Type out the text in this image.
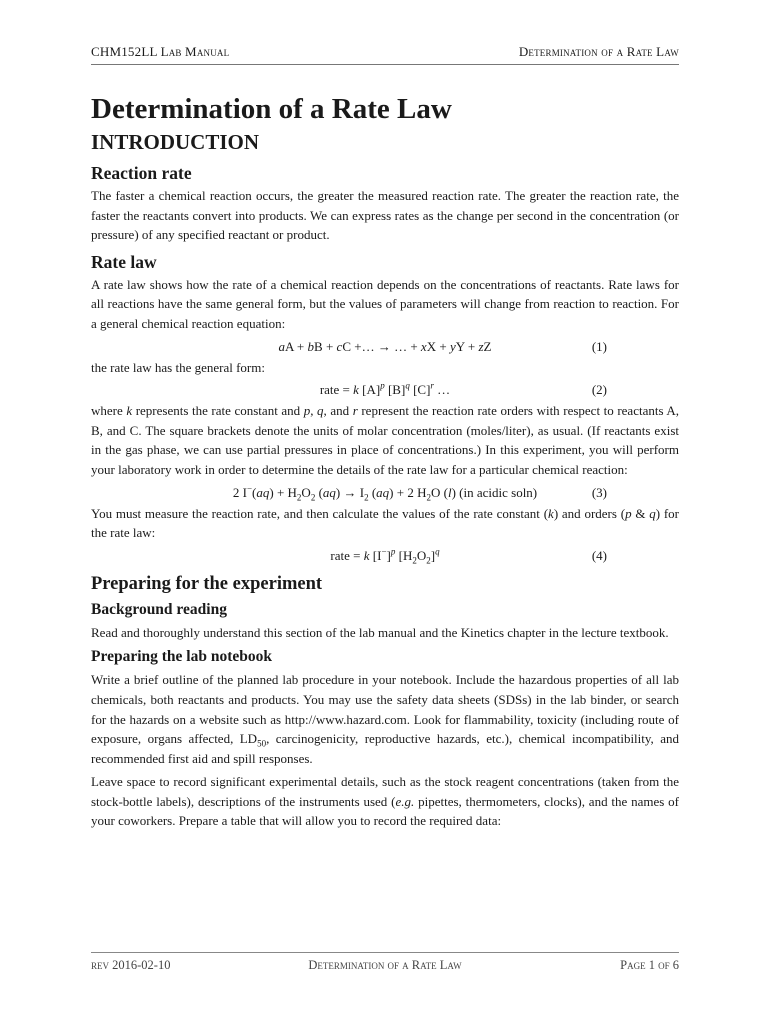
CHM152LL Lab Manual	Determination of a Rate Law
Determination of a Rate Law
INTRODUCTION
Reaction rate

The faster a chemical reaction occurs, the greater the measured reaction rate. The greater the reaction rate, the faster the reactants convert into products. We can express rates as the change per second in the concentration (or pressure) of any specified reactant or product.

Rate law

A rate law shows how the rate of a chemical reaction depends on the concentrations of reactants. Rate laws for all reactions have the same general form, but the values of parameters will change from reaction to reaction. For a general chemical reaction equation:

aA + bB + cC +… → … + xX + yY + zZ	(1)

the rate law has the general form:

rate = k $[A]^p$ $[B]^q$ $[C]^r$ …	(2)

where k represents the rate constant and p, q, and r represent the reaction rate orders with respect to reactants A, B, and C. The square brackets denote the units of molar concentration (moles/liter), as usual. (If reactants exist in the gas phase, we can use partial pressures in place of concentrations.) In this experiment, you will perform your laboratory work in order to determine the details of the rate law for a particular chemical reaction:

2 $I^-(aq) + H_2O_2$ $(aq) \to I_2$ (aq) + 2 $H_2O$ (l) (in acidic soln)	(3)

You must measure the reaction rate, and then calculate the values of the rate constant (k) and orders (p & q) for the rate law:

rate = k $[I^-]^p$ $[H_2O_2]^q$	(4)
Preparing for the experiment
Background reading

Read and thoroughly understand this section of the lab manual and the Kinetics chapter in the lecture textbook.

Preparing the lab notebook

Write a brief outline of the planned lab procedure in your notebook. Include the hazardous properties of all lab chemicals, both reactants and products. You may use the safety data sheets (SDSs) in the lab binder, or search for the hazards on a website such as http://www.hazard.com. Look for flammability, toxicity (including route of exposure, organs affected, $LD_{50}$, carcinogenicity, reproductive hazards, etc.), chemical incompatibility, and recommended first aid and spill responses.

Leave space to record significant experimental details, such as the stock reagent concentrations (taken from the stock-bottle labels), descriptions of the instruments used (e.g. pipettes, thermometers, clocks), and the names of your coworkers. Prepare a table that will allow you to record the required data:

rev 2016-02-10	Determination of a Rate Law	Page 1 of 6
